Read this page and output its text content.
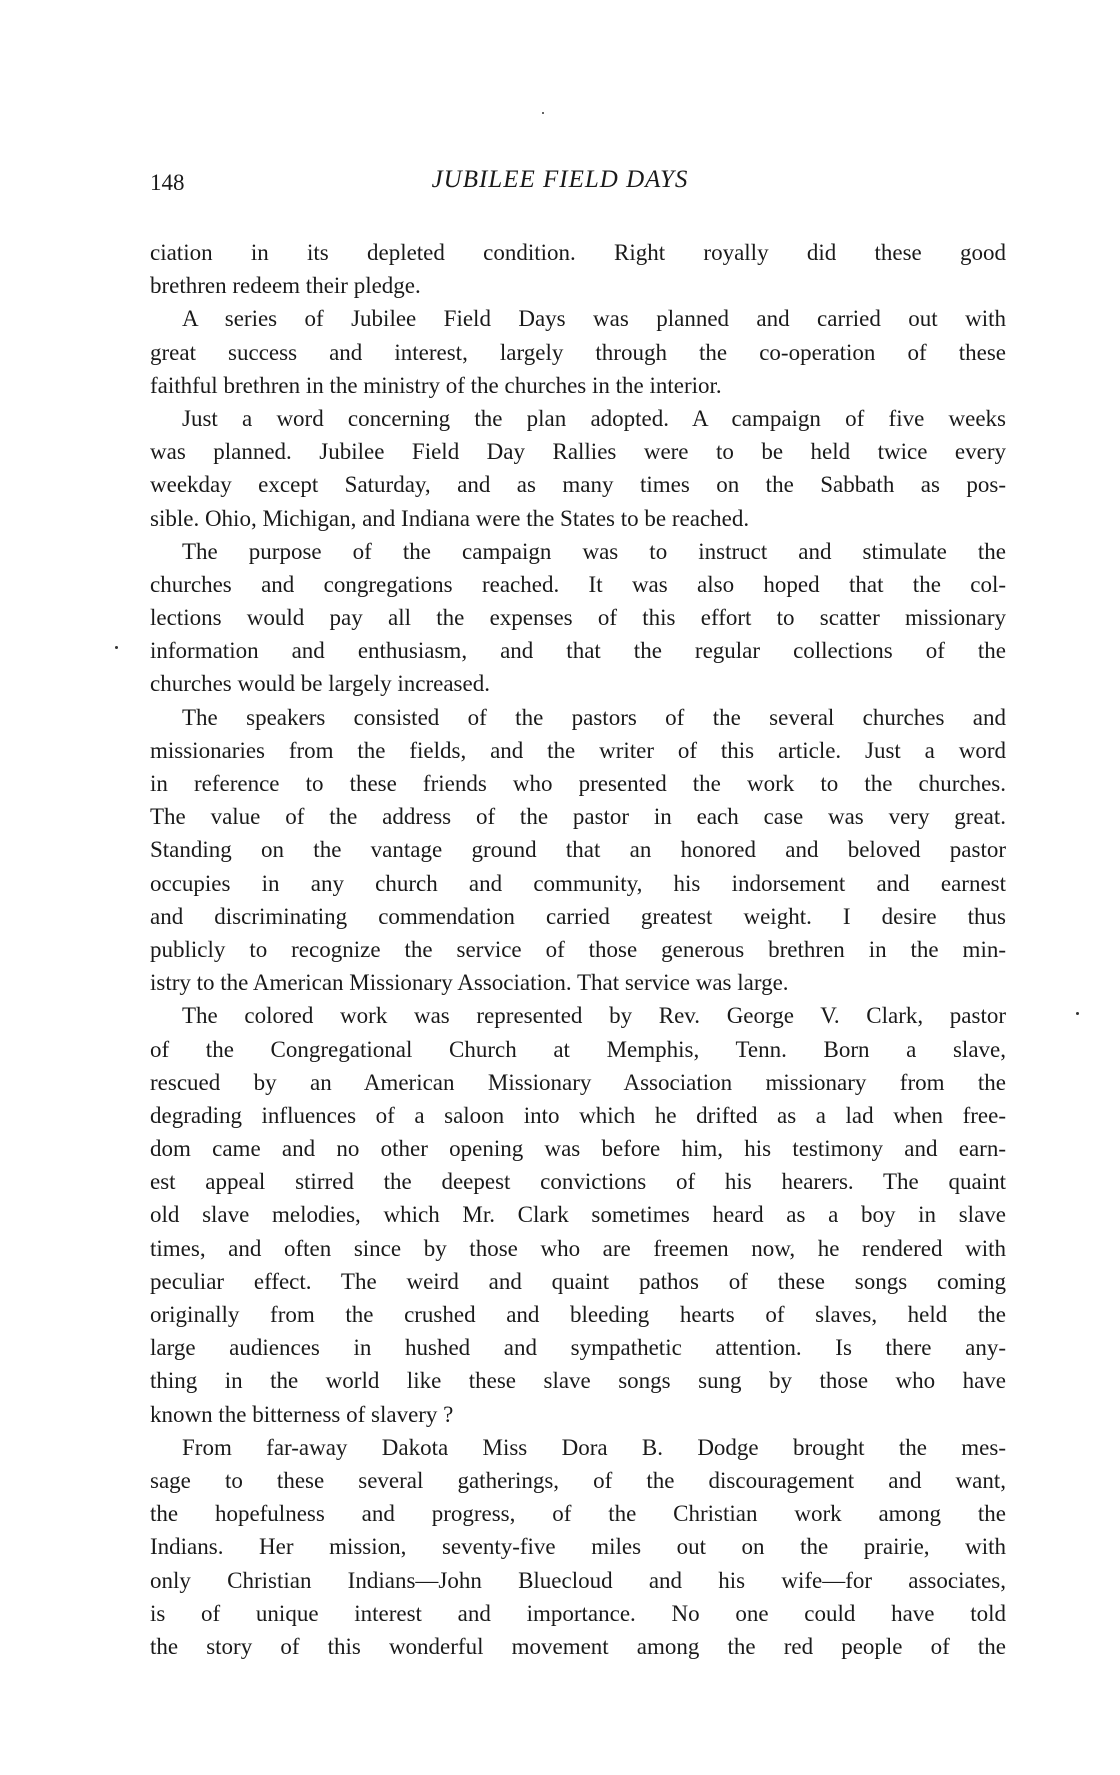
148	JUBILEE FIELD DAYS
ciation in its depleted condition. Right royally did these good
brethren redeem their pledge.
A series of Jubilee Field Days was planned and carried out with
great success and interest, largely through the co-operation of these
faithful brethren in the ministry of the churches in the interior.
Just a word concerning the plan adopted. A campaign of five weeks
was planned. Jubilee Field Day Rallies were to be held twice every
weekday except Saturday, and as many times on the Sabbath as pos-
sible. Ohio, Michigan, and Indiana were the States to be reached.
The purpose of the campaign was to instruct and stimulate the
churches and congregations reached. It was also hoped that the col-
lections would pay all the expenses of this effort to scatter missionary
information and enthusiasm, and that the regular collections of the
churches would be largely increased.
The speakers consisted of the pastors of the several churches and
missionaries from the fields, and the writer of this article. Just a word
in reference to these friends who presented the work to the churches.
The value of the address of the pastor in each case was very great.
Standing on the vantage ground that an honored and beloved pastor
occupies in any church and community, his indorsement and earnest
and discriminating commendation carried greatest weight. I desire thus
publicly to recognize the service of those generous brethren in the min-
istry to the American Missionary Association. That service was large.
The colored work was represented by Rev. George V. Clark, pastor
of the Congregational Church at Memphis, Tenn. Born a slave,
rescued by an American Missionary Association missionary from the
degrading influences of a saloon into which he drifted as a lad when free-
dom came and no other opening was before him, his testimony and earn-
est appeal stirred the deepest convictions of his hearers. The quaint
old slave melodies, which Mr. Clark sometimes heard as a boy in slave
times, and often since by those who are freemen now, he rendered with
peculiar effect. The weird and quaint pathos of these songs coming
originally from the crushed and bleeding hearts of slaves, held the
large audiences in hushed and sympathetic attention. Is there any-
thing in the world like these slave songs sung by those who have
known the bitterness of slavery ?
From far-away Dakota Miss Dora B. Dodge brought the mes-
sage to these several gatherings, of the discouragement and want,
the hopefulness and progress, of the Christian work among the
Indians. Her mission, seventy-five miles out on the prairie, with
only Christian Indians—John Bluecloud and his wife—for associates,
is of unique interest and importance. No one could have told
the story of this wonderful movement among the red people of the
